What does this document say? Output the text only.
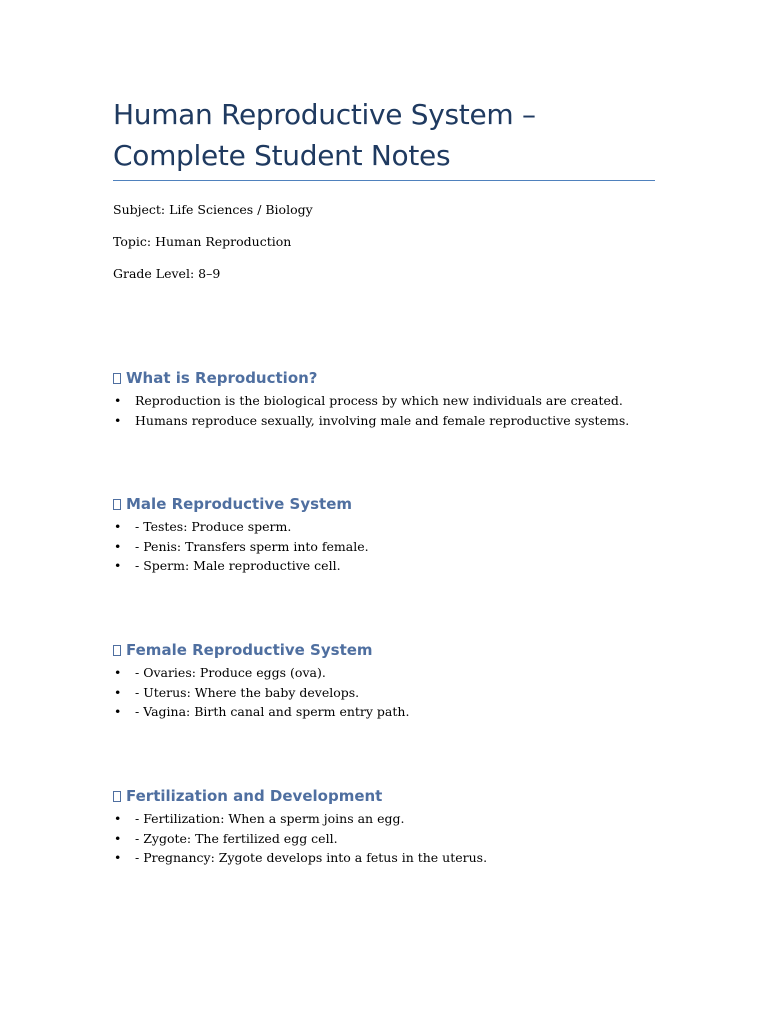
Human Reproductive System – Complete Student Notes

Subject: Life Sciences / Biology

Topic: Human Reproduction

Grade Level: 8–9

What is Reproduction?
• Reproduction is the biological process by which new individuals are created.
• Humans reproduce sexually, involving male and female reproductive systems.
Male Reproductive System
• - Testes: Produce sperm.
• - Penis: Transfers sperm into female.
• - Sperm: Male reproductive cell.
Female Reproductive System
• - Ovaries: Produce eggs (ova).
• - Uterus: Where the baby develops.
• - Vagina: Birth canal and sperm entry path.
Fertilization and Development
• - Fertilization: When a sperm joins an egg.
• - Zygote: The fertilized egg cell.
• - Pregnancy: Zygote develops into a fetus in the uterus.
